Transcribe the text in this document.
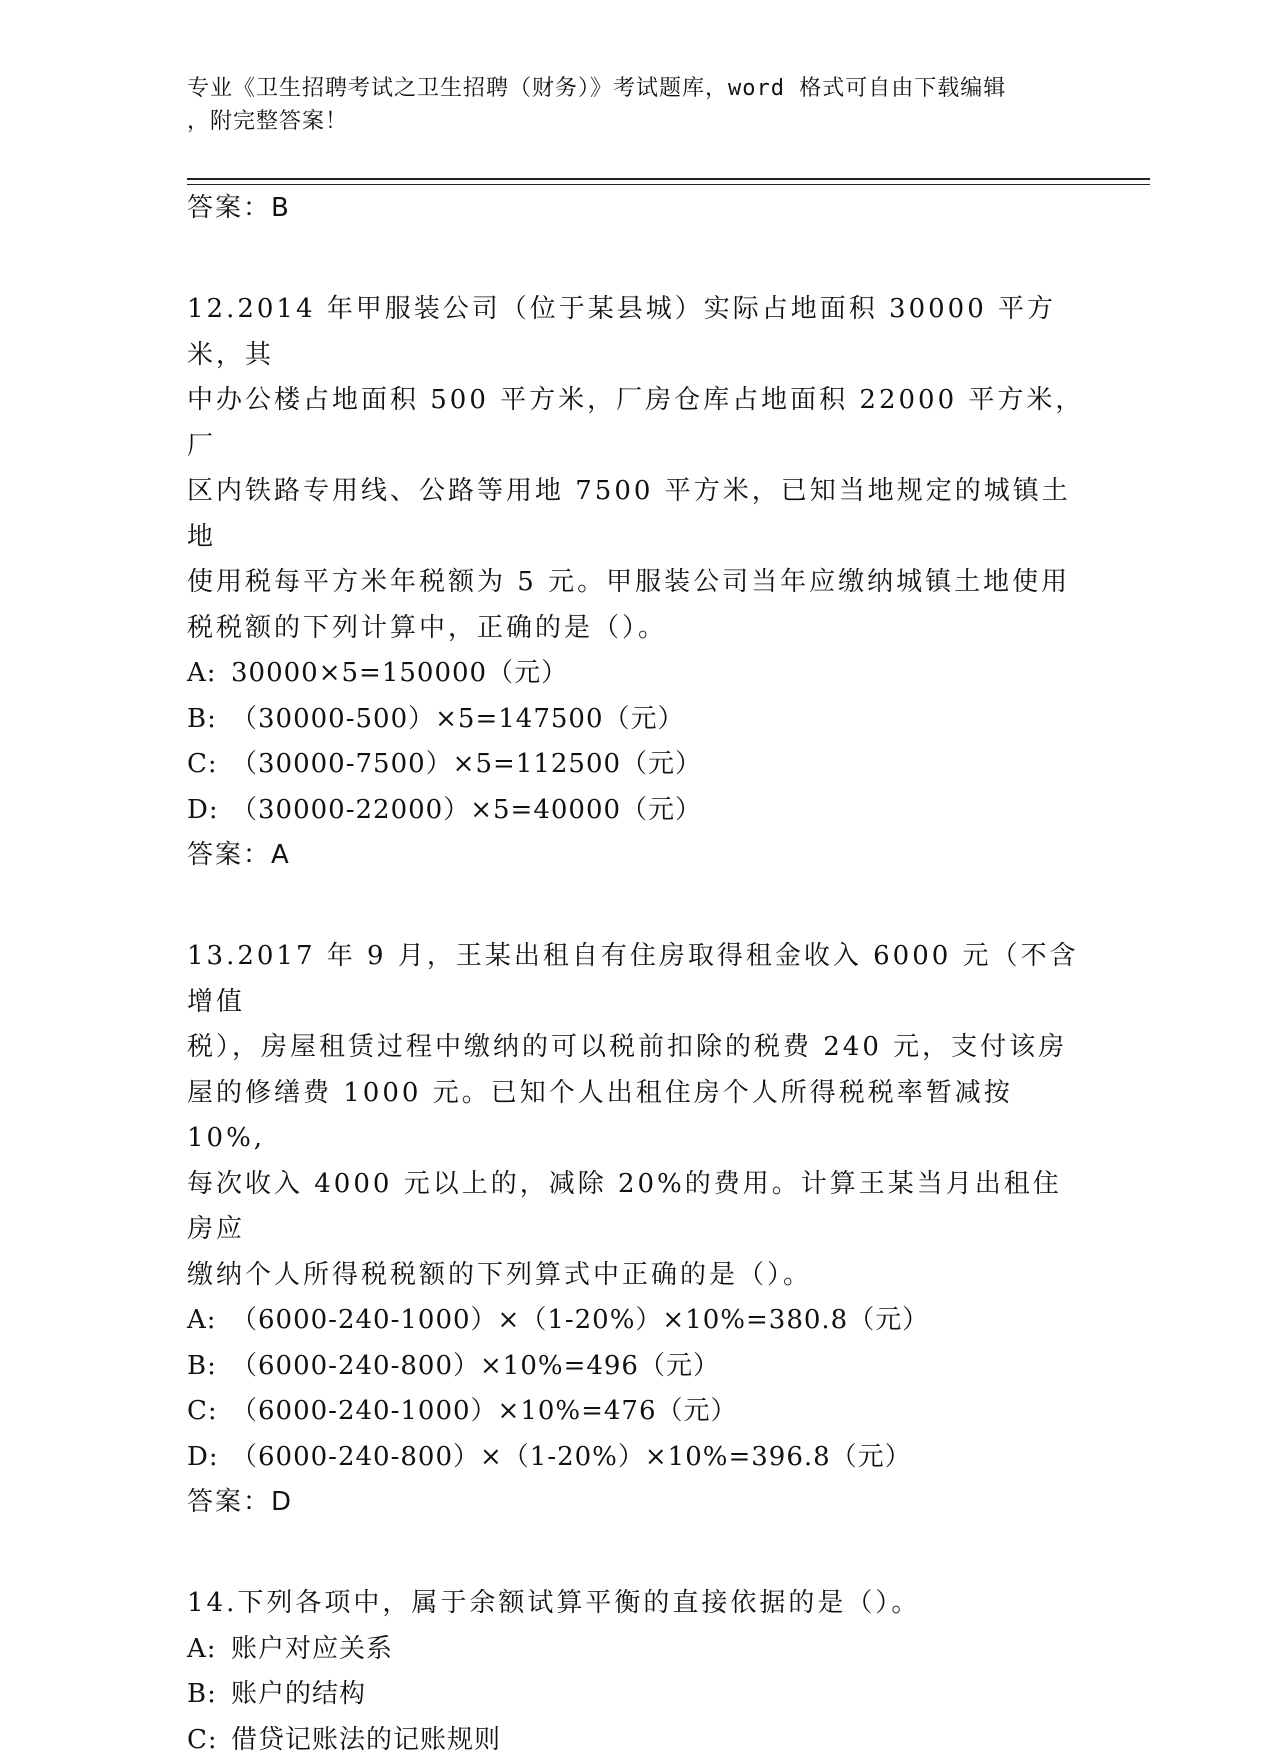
专业《卫生招聘考试之卫生招聘（财务）》考试题库，word 格式可自由下载编辑
，附完整答案！
答案：B
12.2014 年甲服装公司（位于某县城）实际占地面积 30000 平方米，其
中办公楼占地面积 500 平方米，厂房仓库占地面积 22000 平方米，厂
区内铁路专用线、公路等用地 7500 平方米，已知当地规定的城镇土地
使用税每平方米年税额为 5 元。甲服装公司当年应缴纳城镇土地使用
税税额的下列计算中，正确的是（）。
A: 30000×5=150000（元）
B: （30000-500）×5=147500（元）
C: （30000-7500）×5=112500（元）
D: （30000-22000）×5=40000（元）
答案：A
13.2017 年 9 月，王某出租自有住房取得租金收入 6000 元（不含增值
税），房屋租赁过程中缴纳的可以税前扣除的税费 240 元，支付该房
屋的修缮费 1000 元。已知个人出租住房个人所得税税率暂减按 10%,
每次收入 4000 元以上的，减除 20%的费用。计算王某当月出租住房应
缴纳个人所得税税额的下列算式中正确的是（）。
A: （6000-240-1000）×（1-20%）×10%=380.8（元）
B: （6000-240-800）×10%=496（元）
C: （6000-240-1000）×10%=476（元）
D: （6000-240-800）×（1-20%）×10%=396.8（元）
答案：D
14.下列各项中，属于余额试算平衡的直接依据的是（）。
A: 账户对应关系
B: 账户的结构
C: 借贷记账法的记账规则
